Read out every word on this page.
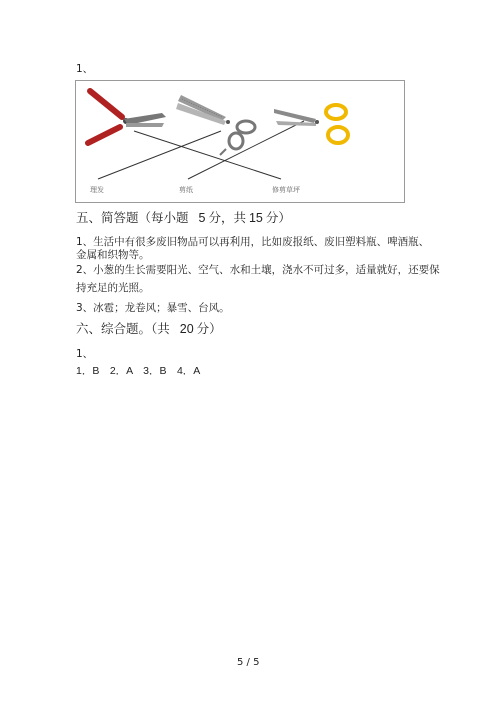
1、
理发	剪纸	修剪草坪
五、简答题（每小题 5 分，共 15 分）
1、生活中有很多废旧物品可以再利用，比如废报纸、废旧塑料瓶、啤酒瓶、
金属和织物等。
2、小葱的生长需要阳光、空气、水和土壤，浇水不可过多，适量就好，还要保
持充足的光照。
3、冰雹；龙卷风；暴雪、台风。
六、综合题。（共 20 分）
1、
1．B　2．A　3．B　4．A
5 / 5
